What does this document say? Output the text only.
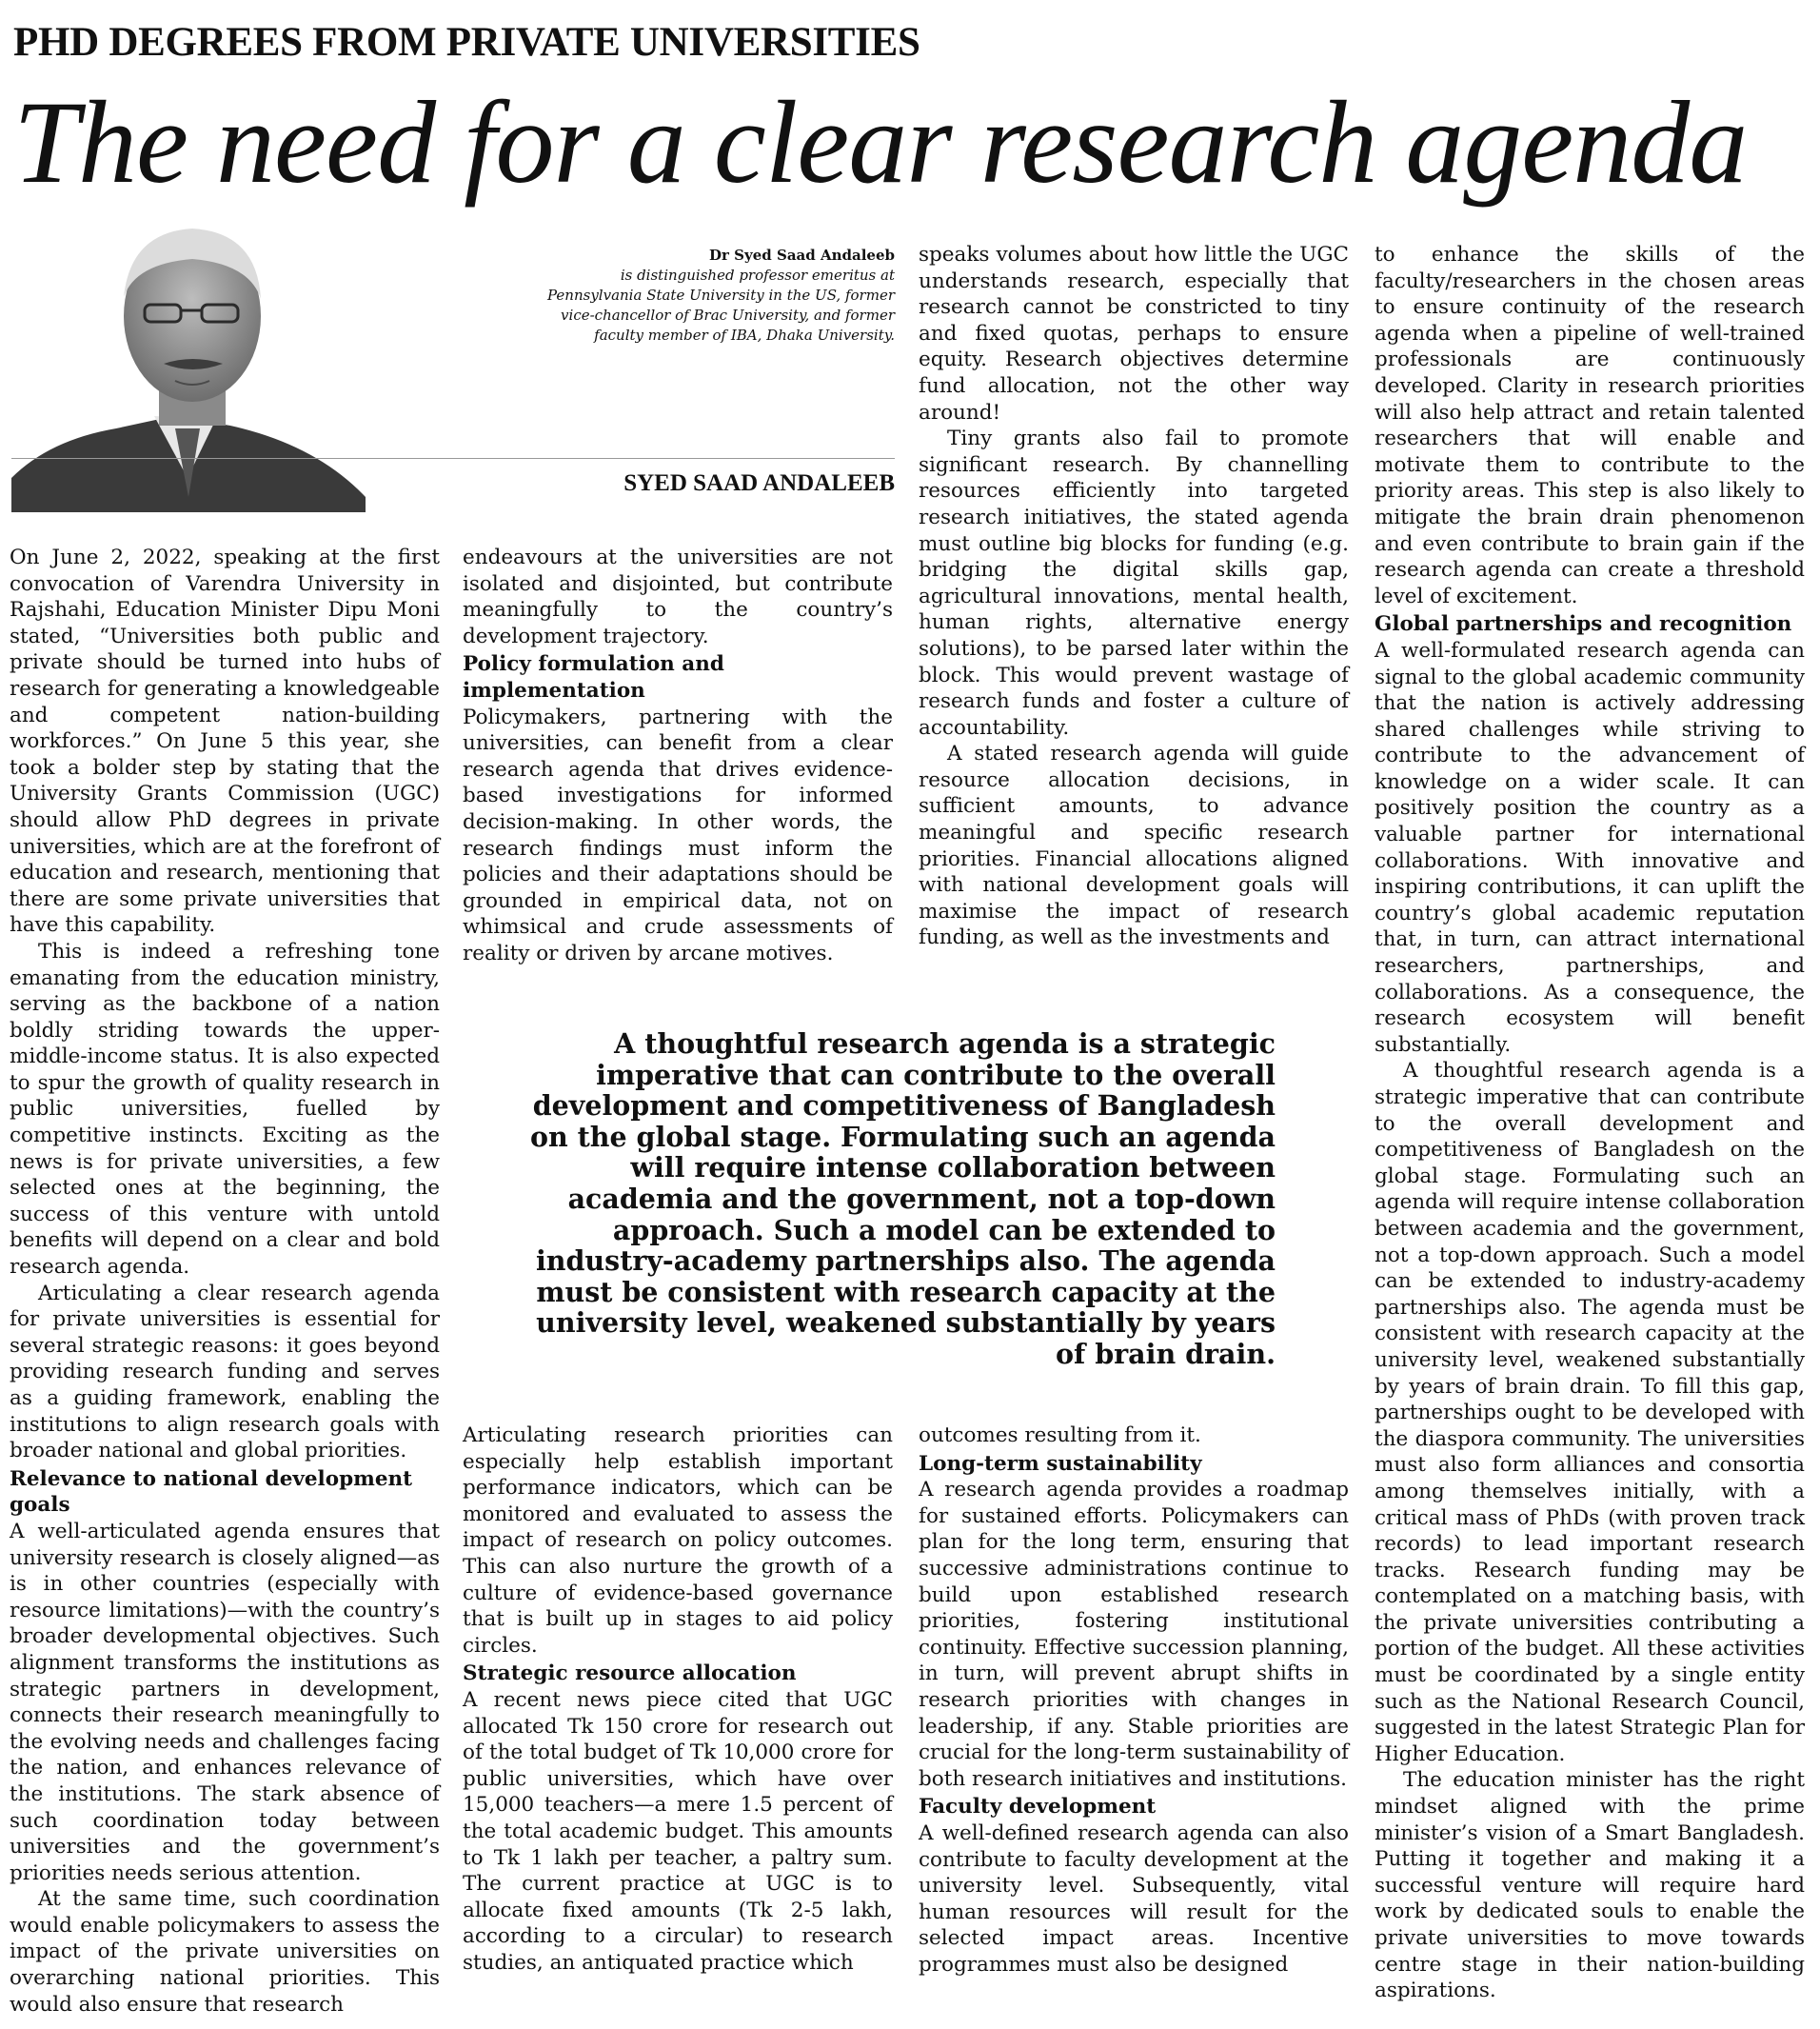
PHD DEGREES FROM PRIVATE UNIVERSITIES
The need for a clear research agenda
Dr Syed Saad Andaleeb
is distinguished professor emeritus at Pennsylvania State University in the US, former vice-chancellor of Brac University, and former faculty member of IBA, Dhaka University.
SYED SAAD ANDALEEB

On June 2, 2022, speaking at the first convocation of Varendra University in Rajshahi, Education Minister Dipu Moni stated, “Universities both public and private should be turned into hubs of research for generating a knowledgeable and competent nation-building workforces.” On June 5 this year, she took a bolder step by stating that the University Grants Commission (UGC) should allow PhD degrees in private universities, which are at the forefront of education and research, mentioning that there are some private universities that have this capability.

This is indeed a refreshing tone emanating from the education ministry, serving as the backbone of a nation boldly striding towards the upper-middle-income status. It is also expected to spur the growth of quality research in public universities, fuelled by competitive instincts. Exciting as the news is for private universities, a few selected ones at the beginning, the success of this venture with untold benefits will depend on a clear and bold research agenda.

Articulating a clear research agenda for private universities is essential for several strategic reasons: it goes beyond providing research funding and serves as a guiding framework, enabling the institutions to align research goals with broader national and global priorities.

Relevance to national development goals

A well-articulated agenda ensures that university research is closely aligned—as is in other countries (especially with resource limitations)—with the country’s broader developmental objectives. Such alignment transforms the institutions as strategic partners in development, connects their research meaningfully to the evolving needs and challenges facing the nation, and enhances relevance of the institutions. The stark absence of such coordination today between universities and the government’s priorities needs serious attention.

At the same time, such coordination would enable policymakers to assess the impact of the private universities on overarching national priorities. This would also ensure that research

endeavours at the universities are not isolated and disjointed, but contribute meaningfully to the country’s development trajectory.

Policy formulation and implementation

Policymakers, partnering with the universities, can benefit from a clear research agenda that drives evidence-based investigations for informed decision-making. In other words, the research findings must inform the policies and their adaptations should be grounded in empirical data, not on whimsical and crude assessments of reality or driven by arcane motives.

Articulating research priorities can especially help establish important performance indicators, which can be monitored and evaluated to assess the impact of research on policy outcomes. This can also nurture the growth of a culture of evidence-based governance that is built up in stages to aid policy circles.

Strategic resource allocation

A recent news piece cited that UGC allocated Tk 150 crore for research out of the total budget of Tk 10,000 crore for public universities, which have over 15,000 teachers—a mere 1.5 percent of the total academic budget. This amounts to Tk 1 lakh per teacher, a paltry sum. The current practice at UGC is to allocate fixed amounts (Tk 2-5 lakh, according to a circular) to research studies, an antiquated practice which

speaks volumes about how little the UGC understands research, especially that research cannot be constricted to tiny and fixed quotas, perhaps to ensure equity. Research objectives determine fund allocation, not the other way around!

Tiny grants also fail to promote significant research. By channelling resources efficiently into targeted research initiatives, the stated agenda must outline big blocks for funding (e.g. bridging the digital skills gap, agricultural innovations, mental health, human rights, alternative energy solutions), to be parsed later within the block. This would prevent wastage of research funds and foster a culture of accountability.

A stated research agenda will guide resource allocation decisions, in sufficient amounts, to advance meaningful and specific research priorities. Financial allocations aligned with national development goals will maximise the impact of research funding, as well as the investments and

outcomes resulting from it.

Long-term sustainability

A research agenda provides a roadmap for sustained efforts. Policymakers can plan for the long term, ensuring that successive administrations continue to build upon established research priorities, fostering institutional continuity. Effective succession planning, in turn, will prevent abrupt shifts in research priorities with changes in leadership, if any. Stable priorities are crucial for the long-term sustainability of both research initiatives and institutions.

Faculty development

A well-defined research agenda can also contribute to faculty development at the university level. Subsequently, vital human resources will result for the selected impact areas. Incentive programmes must also be designed

to enhance the skills of the faculty/researchers in the chosen areas to ensure continuity of the research agenda when a pipeline of well-trained professionals are continuously developed. Clarity in research priorities will also help attract and retain talented researchers that will enable and motivate them to contribute to the priority areas. This step is also likely to mitigate the brain drain phenomenon and even contribute to brain gain if the research agenda can create a threshold level of excitement.

Global partnerships and recognition

A well-formulated research agenda can signal to the global academic community that the nation is actively addressing shared challenges while striving to contribute to the advancement of knowledge on a wider scale. It can positively position the country as a valuable partner for international collaborations. With innovative and inspiring contributions, it can uplift the country’s global academic reputation that, in turn, can attract international researchers, partnerships, and collaborations. As a consequence, the research ecosystem will benefit substantially.

A thoughtful research agenda is a strategic imperative that can contribute to the overall development and competitiveness of Bangladesh on the global stage. Formulating such an agenda will require intense collaboration between academia and the government, not a top-down approach. Such a model can be extended to industry-academy partnerships also. The agenda must be consistent with research capacity at the university level, weakened substantially by years of brain drain. To fill this gap, partnerships ought to be developed with the diaspora community. The universities must also form alliances and consortia among themselves initially, with a critical mass of PhDs (with proven track records) to lead important research tracks. Research funding may be contemplated on a matching basis, with the private universities contributing a portion of the budget. All these activities must be coordinated by a single entity such as the National Research Council, suggested in the latest Strategic Plan for Higher Education.

The education minister has the right mindset aligned with the prime minister’s vision of a Smart Bangladesh. Putting it together and making it a successful venture will require hard work by dedicated souls to enable the private universities to move towards centre stage in their nation-building aspirations.

A thoughtful research agenda is a strategic imperative that can contribute to the overall development and competitiveness of Bangladesh on the global stage. Formulating such an agenda will require intense collaboration between academia and the government, not a top-down approach. Such a model can be extended to industry-academy partnerships also. The agenda must be consistent with research capacity at the university level, weakened substantially by years of brain drain.
